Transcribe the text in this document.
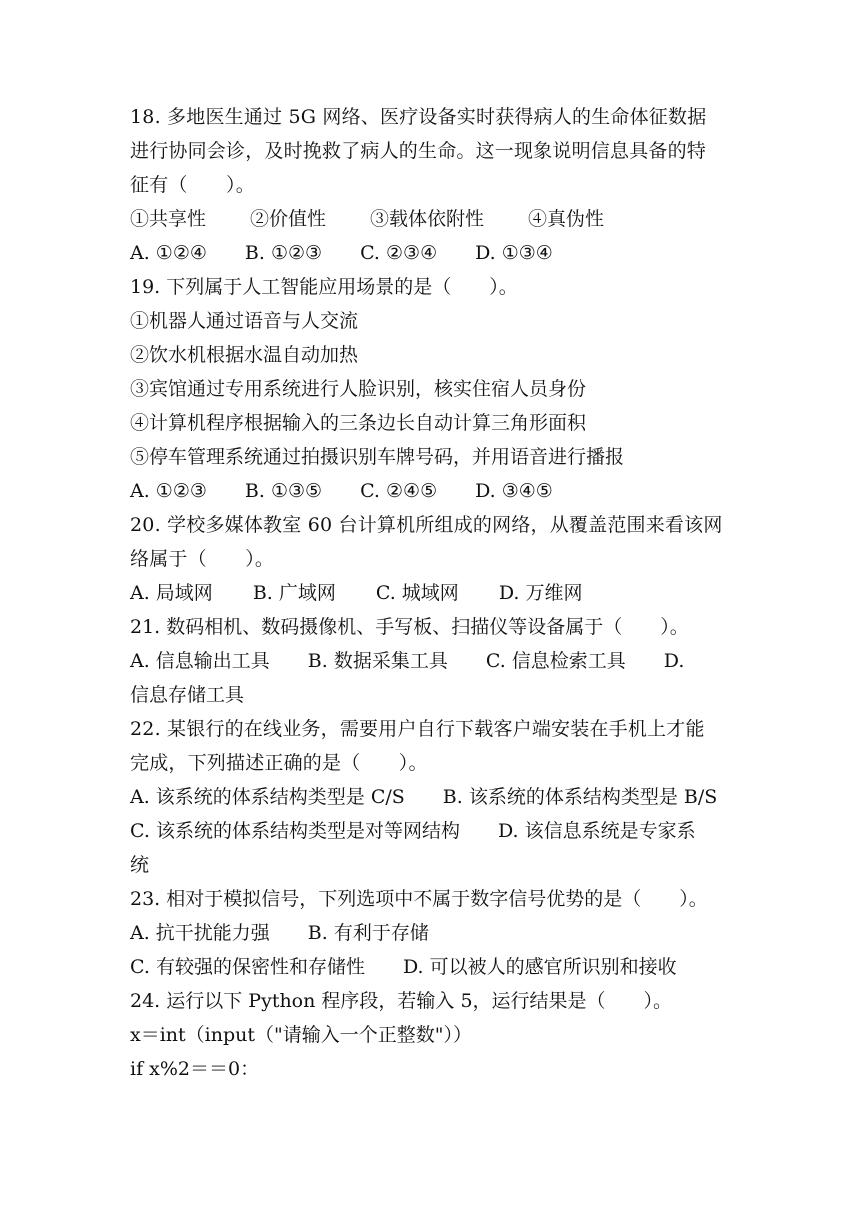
18. 多地医生通过 5G 网络、医疗设备实时获得病人的生命体征数据
进行协同会诊，及时挽救了病人的生命。这一现象说明信息具备的特
征有（　　）。
①共享性 ②价值性 ③载体依附性 ④真伪性
A. ①②④ B. ①②③ C. ②③④ D. ①③④
19. 下列属于人工智能应用场景的是（　　）。
①机器人通过语音与人交流
②饮水机根据水温自动加热
③宾馆通过专用系统进行人脸识别，核实住宿人员身份
④计算机程序根据输入的三条边长自动计算三角形面积
⑤停车管理系统通过拍摄识别车牌号码，并用语音进行播报
A. ①②③ B. ①③⑤ C. ②④⑤ D. ③④⑤
20. 学校多媒体教室 60 台计算机所组成的网络，从覆盖范围来看该网
络属于（　　）。
A. 局域网 B. 广域网 C. 城域网 D. 万维网
21. 数码相机、数码摄像机、手写板、扫描仪等设备属于（　　）。
A. 信息输出工具　　B. 数据采集工具　　C. 信息检索工具　　D.
信息存储工具
22. 某银行的在线业务，需要用户自行下载客户端安装在手机上才能
完成，下列描述正确的是（　　）。
A. 该系统的体系结构类型是 C/S　　B. 该系统的体系结构类型是 B/S
C. 该系统的体系结构类型是对等网结构　　D. 该信息系统是专家系
统
23. 相对于模拟信号，下列选项中不属于数字信号优势的是（　　）。
A. 抗干扰能力强　　B. 有利于存储
C. 有较强的保密性和存储性　　D. 可以被人的感官所识别和接收
24. 运行以下 Python 程序段，若输入 5，运行结果是（　　）。
x＝int（input（"请输入一个正整数"））
if x%2＝＝0：
